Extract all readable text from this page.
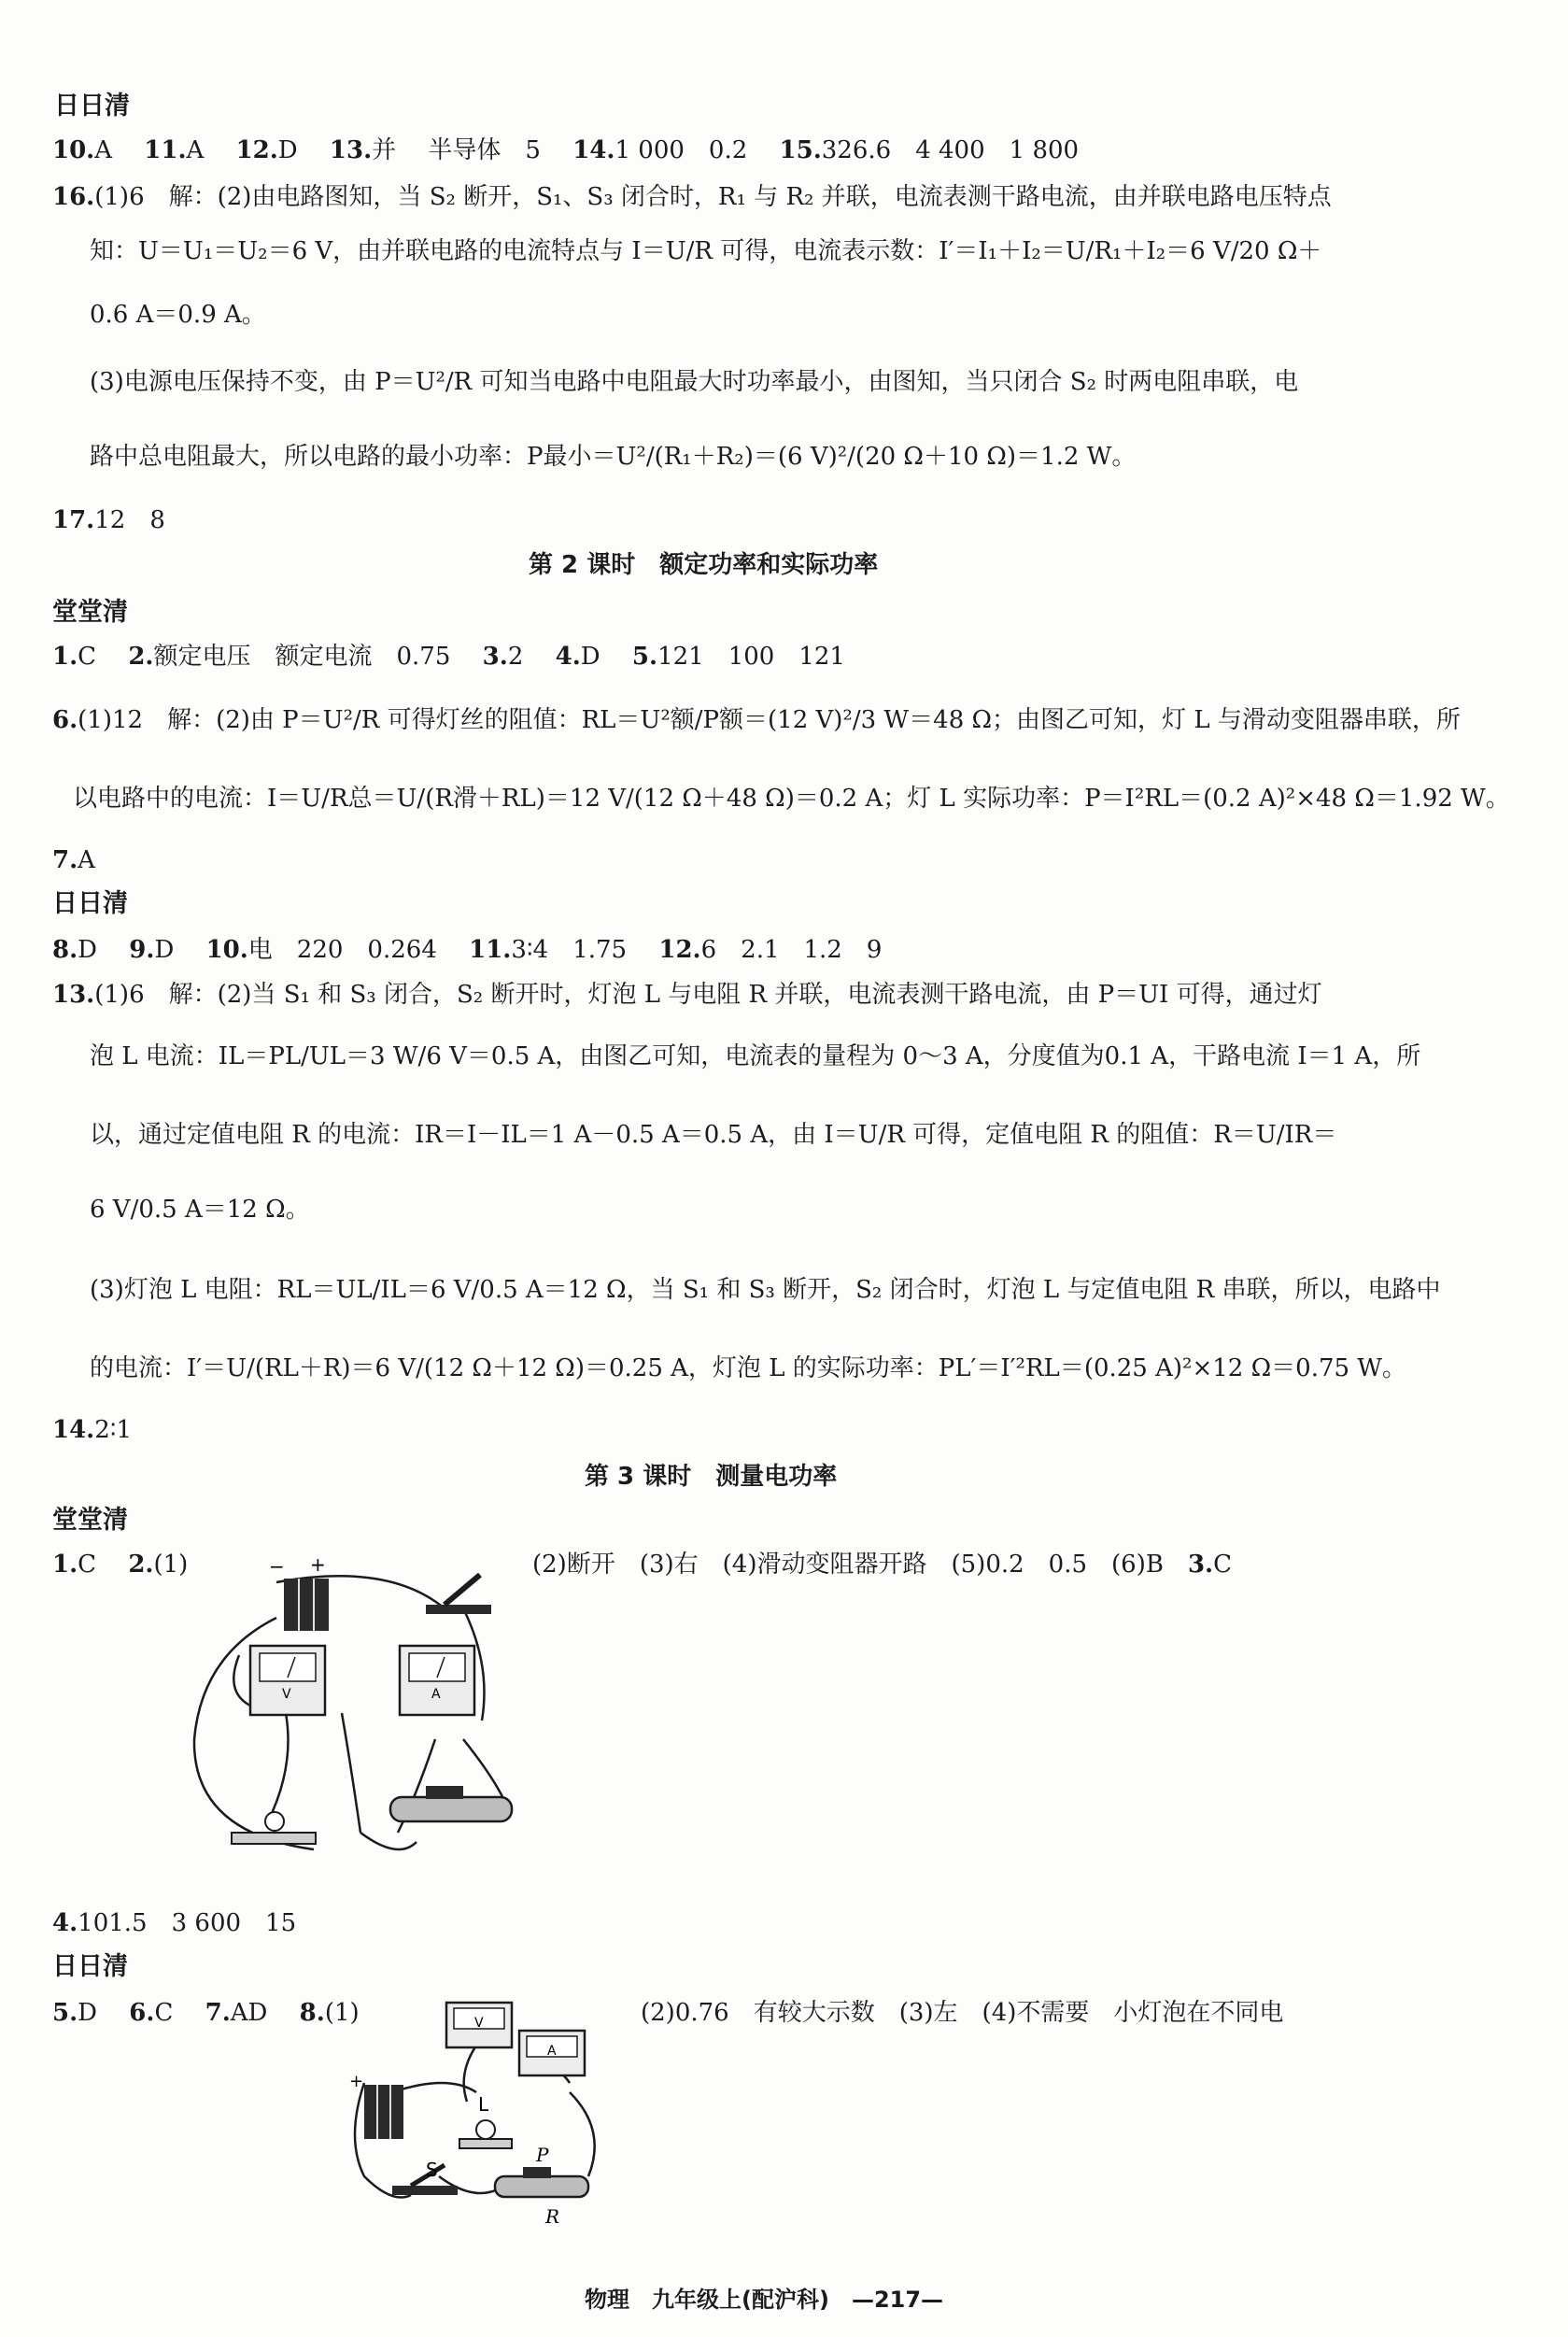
日日清
10.A　 11.A　 12.D　 13.并　 半导体　5　 14.1 000　0.2　 15.326.6　4 400　1 800
16.(1)6　解：(2)由电路图知，当 S₂ 断开，S₁、S₃ 闭合时，R₁ 与 R₂ 并联，电流表测干路电流，由并联电路电压特点
知：U＝U₁＝U₂＝6 V，由并联电路的电流特点与 I＝U/R 可得，电流表示数：I′＝I₁＋I₂＝U/R₁＋I₂＝6 V/20 Ω＋
0.6 A＝0.9 A。
(3)电源电压保持不变，由 P＝U²/R 可知当电路中电阻最大时功率最小，由图知，当只闭合 S₂ 时两电阻串联，电
路中总电阻最大，所以电路的最小功率：P最小＝U²/(R₁＋R₂)＝(6 V)²/(20 Ω＋10 Ω)＝1.2 W。
17.12　8
第 2 课时　额定功率和实际功率
堂堂清
1.C　 2.额定电压　额定电流　0.75　 3.2　 4.D　 5.121　100　121
6.(1)12　解：(2)由 P＝U²/R 可得灯丝的阻值：RL＝U²额/P额＝(12 V)²/3 W＝48 Ω；由图乙可知，灯 L 与滑动变阻器串联，所
以电路中的电流：I＝U/R总＝U/(R滑＋RL)＝12 V/(12 Ω＋48 Ω)＝0.2 A；灯 L 实际功率：P＝I²RL＝(0.2 A)²×48 Ω＝1.92 W。
7.A
日日清
8.D　 9.D　 10.电　220　0.264　 11.3∶4　1.75　 12.6　2.1　1.2　9
13.(1)6　解：(2)当 S₁ 和 S₃ 闭合，S₂ 断开时，灯泡 L 与电阻 R 并联，电流表测干路电流，由 P＝UI 可得，通过灯
泡 L 电流：IL＝PL/UL＝3 W/6 V＝0.5 A，由图乙可知，电流表的量程为 0～3 A，分度值为0.1 A，干路电流 I＝1 A，所
以，通过定值电阻 R 的电流：IR＝I－IL＝1 A－0.5 A＝0.5 A，由 I＝U/R 可得，定值电阻 R 的阻值：R＝U/IR＝
6 V/0.5 A＝12 Ω。
(3)灯泡 L 电阻：RL＝UL/IL＝6 V/0.5 A＝12 Ω，当 S₁ 和 S₃ 断开，S₂ 闭合时，灯泡 L 与定值电阻 R 串联，所以，电路中
的电流：I′＝U/(RL＋R)＝6 V/(12 Ω＋12 Ω)＝0.25 A，灯泡 L 的实际功率：PL′＝I′²RL＝(0.25 A)²×12 Ω＝0.75 W。
14.2∶1
第 3 课时　测量电功率
堂堂清
1.C　 2.(1)	(2)断开　(3)右　(4)滑动变阻器开路　(5)0.2　0.5　(6)B　3.C
− +
V	A
4.101.5　3 600　15
日日清
5.D　 6.C　 7.AD　 8.(1)	(2)0.76　有较大示数　(3)左　(4)不需要　小灯泡在不同电
+
V
A
L
S
P
R
物理　 九年级上(配沪科)　 —217—
